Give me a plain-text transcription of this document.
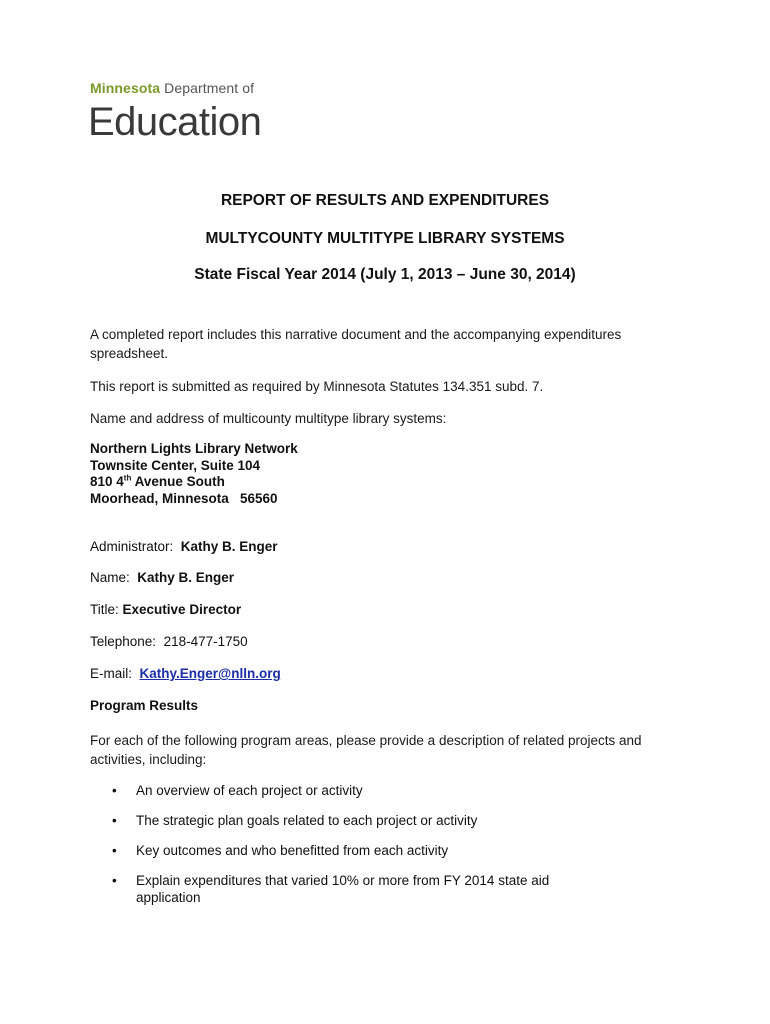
Minnesota Department of
Education
REPORT OF RESULTS AND EXPENDITURES
MULTYCOUNTY MULTITYPE LIBRARY SYSTEMS
State Fiscal Year 2014 (July 1, 2013 – June 30, 2014)
A completed report includes this narrative document and the accompanying expenditures spreadsheet.
This report is submitted as required by Minnesota Statutes 134.351 subd. 7.
Name and address of multicounty multitype library systems:
Northern Lights Library Network
Townsite Center, Suite 104
810 4th Avenue South
Moorhead, Minnesota   56560
Administrator: Kathy B. Enger
Name: Kathy B. Enger
Title: Executive Director
Telephone: 218-477-1750
E-mail: Kathy.Enger@nlln.org
Program Results
For each of the following program areas, please provide a description of related projects and activities, including:
• An overview of each project or activity
• The strategic plan goals related to each project or activity
• Key outcomes and who benefitted from each activity
• Explain expenditures that varied 10% or more from FY 2014 state aid application
